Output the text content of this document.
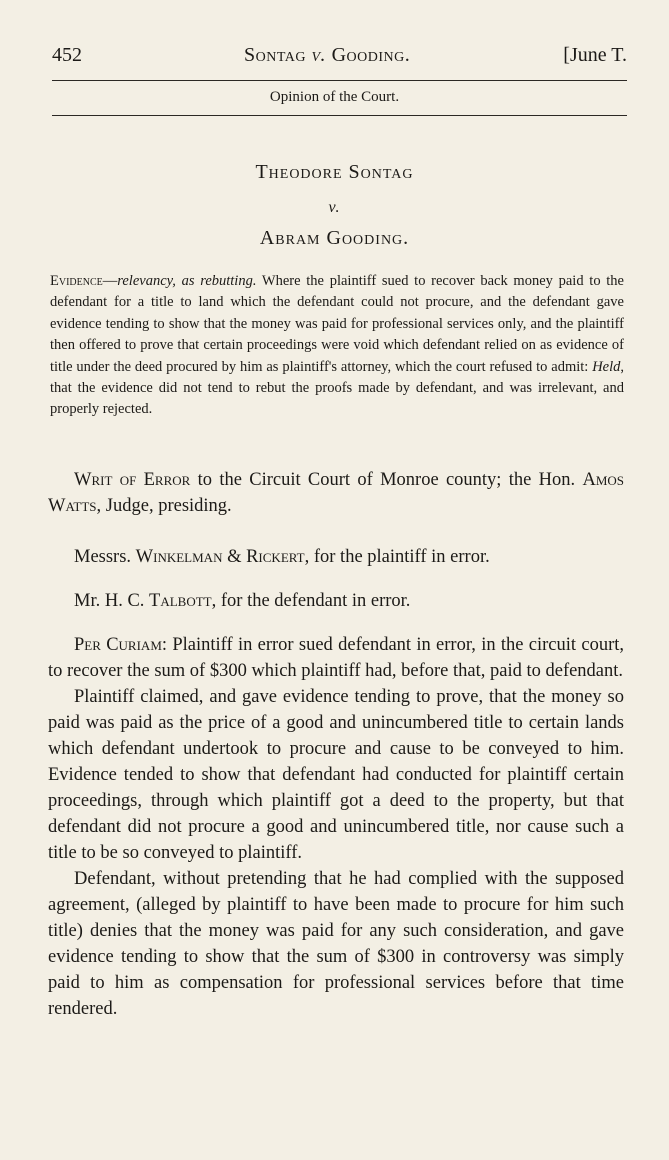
452	Sontag v. Gooding.	[June T.
Opinion of the Court.
Theodore Sontag
v.
Abram Gooding.
Evidence—relevancy, as rebutting. Where the plaintiff sued to recover back money paid to the defendant for a title to land which the defendant could not procure, and the defendant gave evidence tending to show that the money was paid for professional services only, and the plaintiff then offered to prove that certain proceedings were void which defendant relied on as evidence of title under the deed procured by him as plaintiff's attorney, which the court refused to admit: Held, that the evidence did not tend to rebut the proofs made by defendant, and was irrelevant, and properly rejected.
Writ of Error to the Circuit Court of Monroe county; the Hon. Amos Watts, Judge, presiding.
Messrs. Winkelman & Rickert, for the plaintiff in error.
Mr. H. C. Talbott, for the defendant in error.

Per Curiam: Plaintiff in error sued defendant in error, in the circuit court, to recover the sum of $300 which plaintiff had, before that, paid to defendant.

Plaintiff claimed, and gave evidence tending to prove, that the money so paid was paid as the price of a good and unincumbered title to certain lands which defendant undertook to procure and cause to be conveyed to him. Evidence tended to show that defendant had conducted for plaintiff certain proceedings, through which plaintiff got a deed to the property, but that defendant did not procure a good and unincumbered title, nor cause such a title to be so conveyed to plaintiff.

Defendant, without pretending that he had complied with the supposed agreement, (alleged by plaintiff to have been made to procure for him such title) denies that the money was paid for any such consideration, and gave evidence tending to show that the sum of $300 in controversy was simply paid to him as compensation for professional services before that time rendered.
